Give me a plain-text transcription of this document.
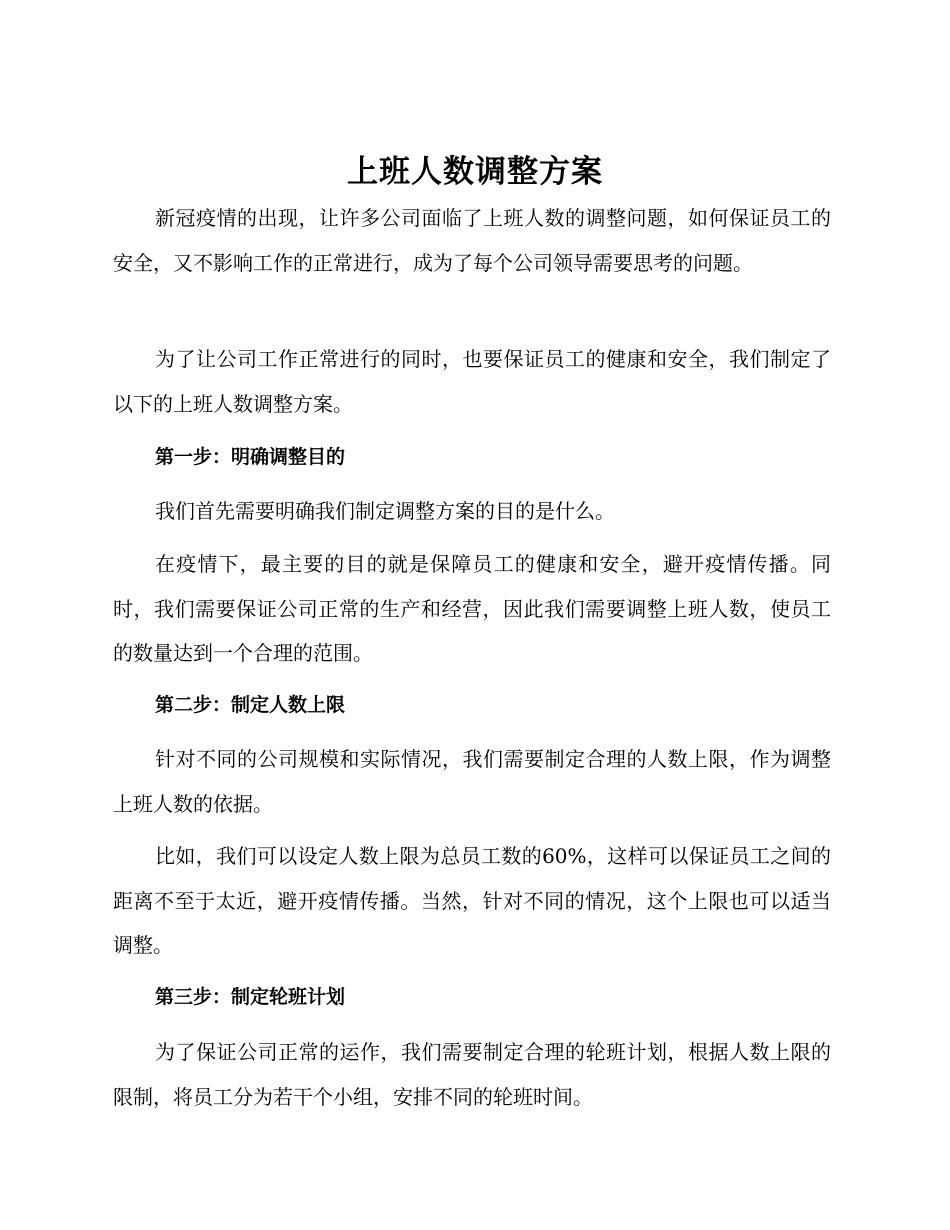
上班人数调整方案

新冠疫情的出现，让许多公司面临了上班人数的调整问题，如何保证员工的安全，又不影响工作的正常进行，成为了每个公司领导需要思考的问题。

为了让公司工作正常进行的同时，也要保证员工的健康和安全，我们制定了以下的上班人数调整方案。

第一步：明确调整目的

我们首先需要明确我们制定调整方案的目的是什么。

在疫情下，最主要的目的就是保障员工的健康和安全，避开疫情传播。同时，我们需要保证公司正常的生产和经营，因此我们需要调整上班人数，使员工的数量达到一个合理的范围。

第二步：制定人数上限

针对不同的公司规模和实际情况，我们需要制定合理的人数上限，作为调整上班人数的依据。

比如，我们可以设定人数上限为总员工数的60%，这样可以保证员工之间的距离不至于太近，避开疫情传播。当然，针对不同的情况，这个上限也可以适当调整。

第三步：制定轮班计划

为了保证公司正常的运作，我们需要制定合理的轮班计划，根据人数上限的限制，将员工分为若干个小组，安排不同的轮班时间。
